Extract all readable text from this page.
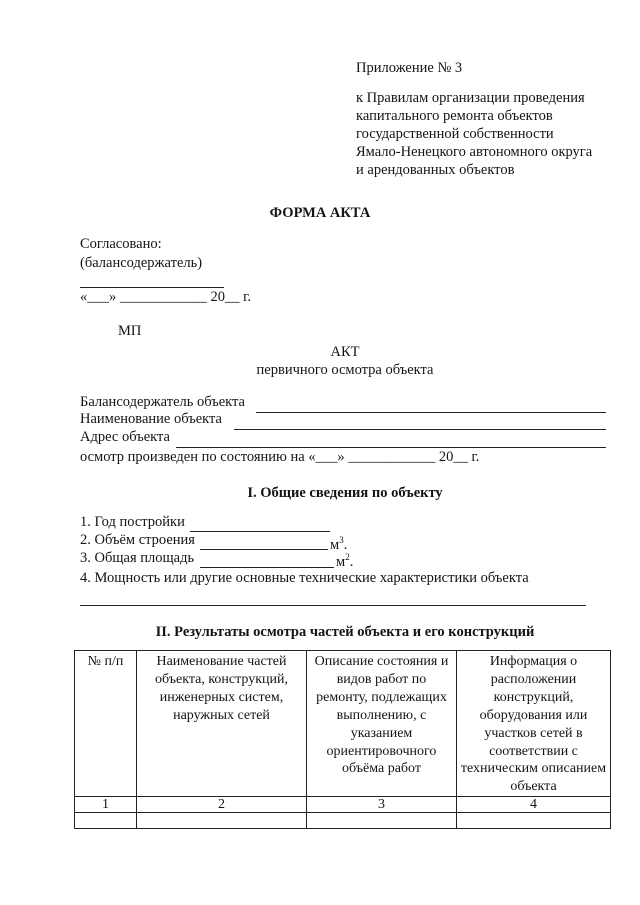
Приложение № 3
к Правилам организации проведения
капитального ремонта объектов
государственной собственности
Ямало-Ненецкого автономного округа
и арендованных объектов
ФОРМА АКТА
Согласовано:
(балансодержатель)
«___» ____________ 20__ г.
МП
АКТ
первичного осмотра объекта
Балансодержатель объекта
Наименование объекта
Адрес объекта
осмотр произведен по состоянию на «___» ____________ 20__ г.
I. Общие сведения по объекту
1. Год постройки
2. Объём строения	$м^3$.
3. Общая площадь	$м^2$.
4. Мощность или другие основные технические характеристики объекта
II. Результаты осмотра частей объекта и его конструкций
№ п/п	Наименование частей объекта, конструкций, инженерных систем, наружных сетей	Описание состояния и видов работ по ремонту, подлежащих выполнению, с указанием ориентировочного объёма работ	Информация о расположении конструкций, оборудования или участков сетей в соответствии с техническим описанием объекта
1	2	3	4
